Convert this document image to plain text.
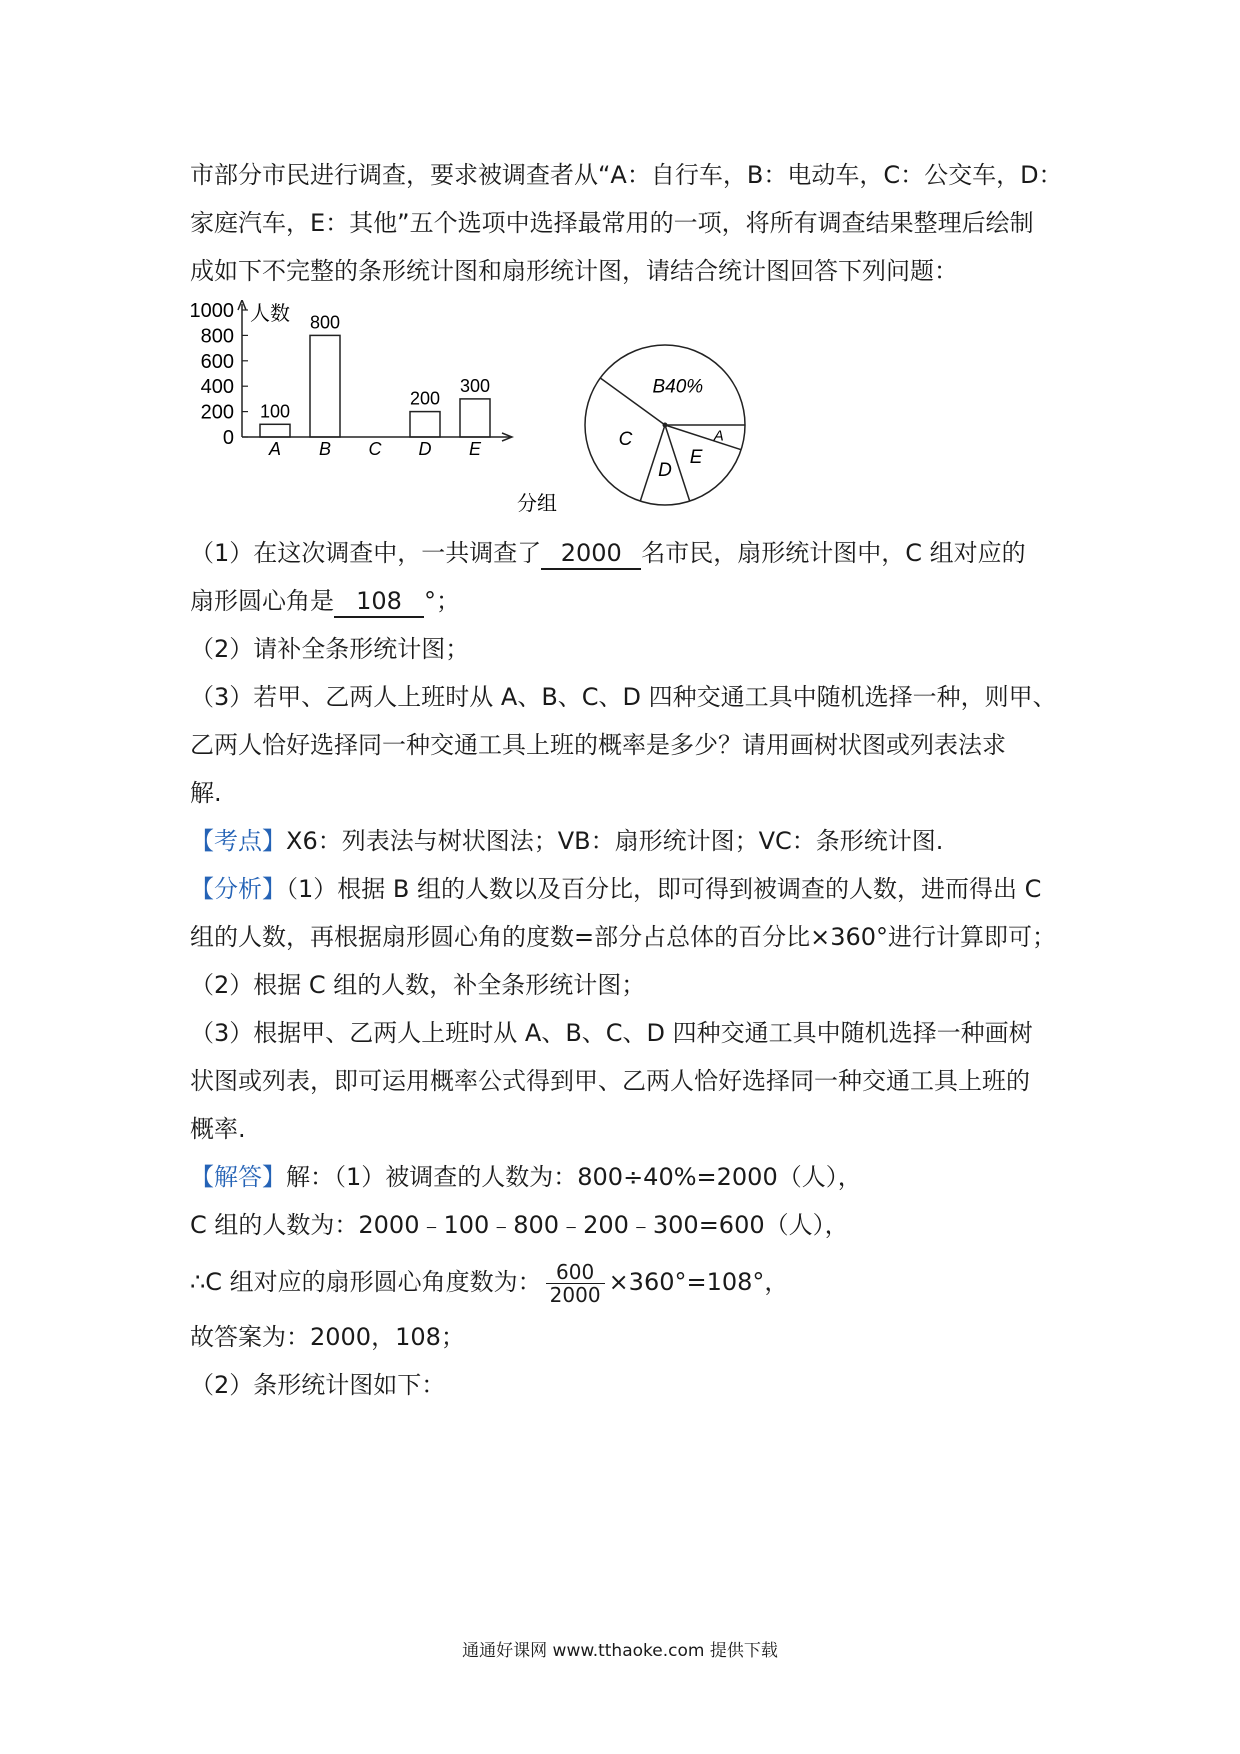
市部分市民进行调查，要求被调查者从“A：自行车，B：电动车，C：公交车，D：
家庭汽车，E：其他”五个选项中选择最常用的一项，将所有调查结果整理后绘制
成如下不完整的条形统计图和扇形统计图，请结合统计图回答下列问题：
0
200
400
600
800
1000
100
A
800
B C
200
D
300
E
人数
分组
B40%
C
D
E
A
（1）在这次调查中，一共调查了 2000 名市民，扇形统计图中，C 组对应的
扇形圆心角是 108 °；
（2）请补全条形统计图；
（3）若甲、乙两人上班时从 A、B、C、D 四种交通工具中随机选择一种，则甲、
乙两人恰好选择同一种交通工具上班的概率是多少？请用画树状图或列表法求
解.
【考点】X6：列表法与树状图法；VB：扇形统计图；VC：条形统计图.
【分析】（1）根据 B 组的人数以及百分比，即可得到被调查的人数，进而得出 C
组的人数，再根据扇形圆心角的度数=部分占总体的百分比×360°进行计算即可；
（2）根据 C 组的人数，补全条形统计图；
（3）根据甲、乙两人上班时从 A、B、C、D 四种交通工具中随机选择一种画树
状图或列表，即可运用概率公式得到甲、乙两人恰好选择同一种交通工具上班的
概率.
【解答】解：（1）被调查的人数为：800÷40%=2000（人），
C 组的人数为：2000﹣100﹣800﹣200﹣300=600（人），
∴C 组对应的扇形圆心角度数为： $\frac{600}{2000} \times 360^\circ=108^\circ$，
故答案为：2000，108；
（2）条形统计图如下：
通通好课网 www.tthaoke.com 提供下载
